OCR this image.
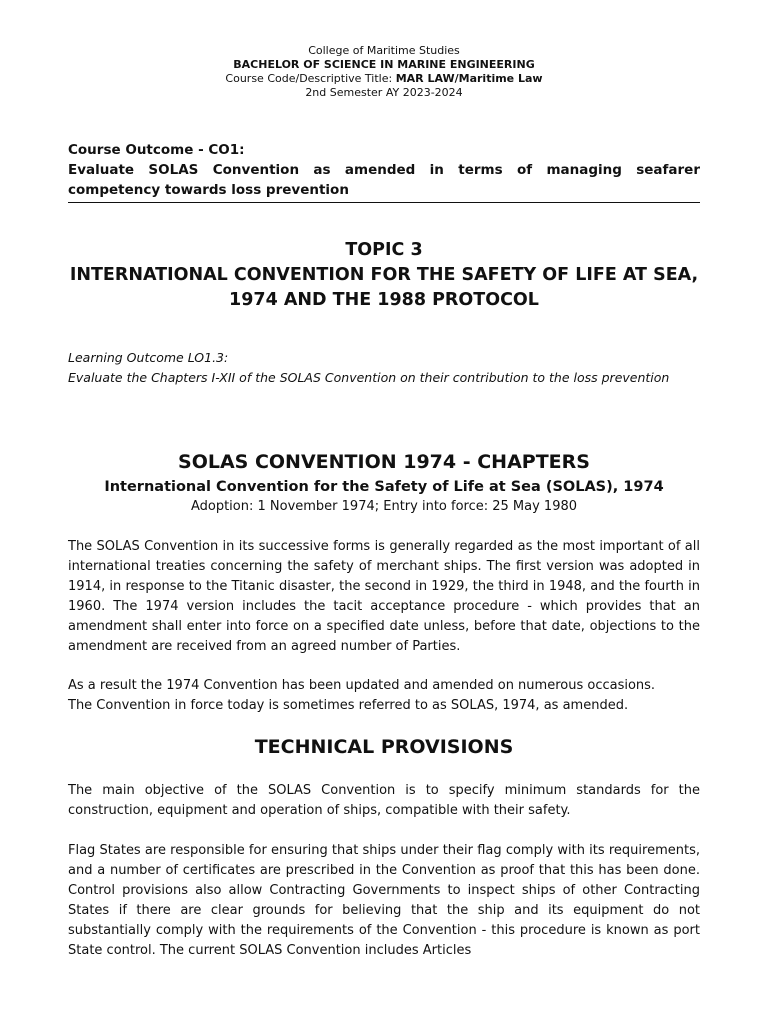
College of Maritime Studies
BACHELOR OF SCIENCE IN MARINE ENGINEERING
Course Code/Descriptive Title: MAR LAW/Maritime Law
2nd Semester AY 2023-2024
Course Outcome - CO1:
Evaluate SOLAS Convention as amended in terms of managing seafarer competency towards loss prevention
TOPIC 3
INTERNATIONAL CONVENTION FOR THE SAFETY OF LIFE AT SEA,
1974 AND THE 1988 PROTOCOL
Learning Outcome LO1.3:
Evaluate the Chapters I-XII of the SOLAS Convention on their contribution to the loss prevention
SOLAS CONVENTION 1974 - CHAPTERS
International Convention for the Safety of Life at Sea (SOLAS), 1974
Adoption: 1 November 1974; Entry into force: 25 May 1980
The SOLAS Convention in its successive forms is generally regarded as the most important of all international treaties concerning the safety of merchant ships. The first version was adopted in 1914, in response to the Titanic disaster, the second in 1929, the third in 1948, and the fourth in 1960. The 1974 version includes the tacit acceptance procedure - which provides that an amendment shall enter into force on a specified date unless, before that date, objections to the amendment are received from an agreed number of Parties.
As a result the 1974 Convention has been updated and amended on numerous occasions.
The Convention in force today is sometimes referred to as SOLAS, 1974, as amended.
TECHNICAL PROVISIONS
The main objective of the SOLAS Convention is to specify minimum standards for the construction, equipment and operation of ships, compatible with their safety.
Flag States are responsible for ensuring that ships under their flag comply with its requirements, and a number of certificates are prescribed in the Convention as proof that this has been done. Control provisions also allow Contracting Governments to inspect ships of other Contracting States if there are clear grounds for believing that the ship and its equipment do not substantially comply with the requirements of the Convention - this procedure is known as port State control. The current SOLAS Convention includes Articles
